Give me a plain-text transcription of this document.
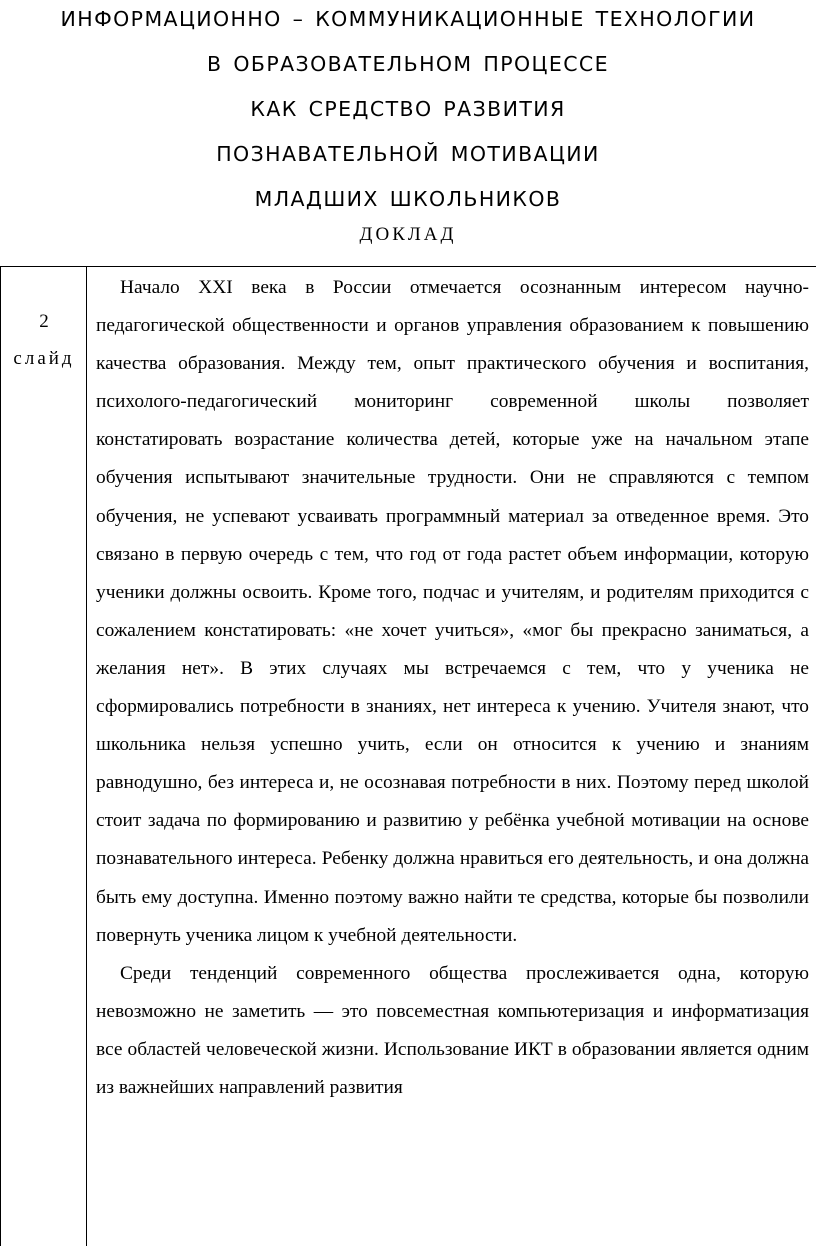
ИНФОРМАЦИОННО – КОММУНИКАЦИОННЫЕ ТЕХНОЛОГИИ
В ОБРАЗОВАТЕЛЬНОМ ПРОЦЕССЕ
КАК СРЕДСТВО РАЗВИТИЯ
ПОЗНАВАТЕЛЬНОЙ МОТИВАЦИИ
МЛАДШИХ ШКОЛЬНИКОВ
ДОКЛАД
2
слайд

Начало XXI века в России отмечается осознанным интересом научно-педагогической общественности и органов управления образованием к повышению качества образования. Между тем, опыт практического обучения и воспитания, психолого-педагогический мониторинг современной школы позволяет констатировать возрастание количества детей, которые уже на начальном этапе обучения испытывают значительные трудности. Они не справляются с темпом обучения, не успевают усваивать программный материал за отведенное время. Это связано в первую очередь с тем, что год от года растет объем информации, которую ученики должны освоить. Кроме того, подчас и учителям, и родителям приходится с сожалением констатировать: «не хочет учиться», «мог бы прекрасно заниматься, а желания нет». В этих случаях мы встречаемся с тем, что у ученика не сформировались потребности в знаниях, нет интереса к учению. Учителя знают, что школьника нельзя успешно учить, если он относится к учению и знаниям равнодушно, без интереса и, не осознавая потребности в них. Поэтому перед школой стоит задача по формированию и развитию у ребёнка учебной мотивации на основе познавательного интереса. Ребенку должна нравиться его деятельность, и она должна быть ему доступна. Именно поэтому важно найти те средства, которые бы позволили повернуть ученика лицом к учебной деятельности.

Среди тенденций современного общества прослеживается одна, которую невозможно не заметить — это повсеместная компьютеризация и информатизация все областей человеческой жизни. Использование ИКТ в образовании является одним из важнейших направлений развития
